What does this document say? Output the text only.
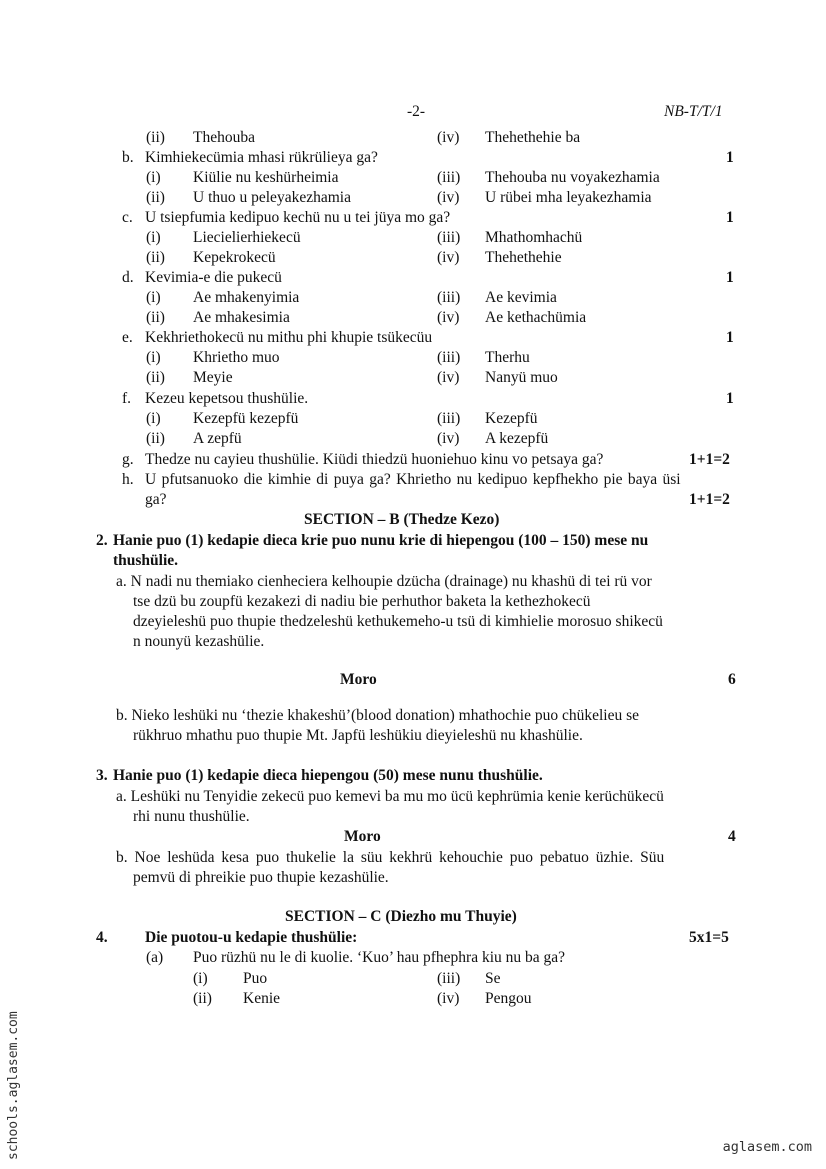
-2-	NB-T/T/1
(ii) Thehouba	(iv) Thehethehie ba
b. Kimhiekecümia mhasi rükrülieya ga?	1
(i) Kiülie nu keshürheimia	(iii) Thehouba nu voyakezhamia
(ii) U thuo u peleyakezhamia	(iv) U rübei mha leyakezhamia
c. U tsiepfumia kedipuo kechü nu u tei jüya mo ga?	1
(i) Liecielierhiekecü	(iii) Mhathomhachü
(ii) Kepekrokecü	(iv) Thehethehie
d. Kevimia-e die pukecü	1
(i) Ae mhakenyimia	(iii) Ae kevimia
(ii) Ae mhakesimia	(iv) Ae kethachümia
e. Kekhriethokecü nu mithu phi khupie tsükecüu	1
(i) Khrietho muo	(iii) Therhu
(ii) Meyie	(iv) Nanyü muo
f. Kezeu kepetsou thushülie.	1
(i) Kezepfü kezepfü	(iii) Kezepfü
(ii) A zepfü	(iv) A kezepfü
g. Thedze nu cayieu thushülie. Kiüdi thiedzü huoniehuo kinu vo petsaya ga?	1+1=2
h. U pfutsanuoko die kimhie di puya ga? Khrietho nu kedipuo kepfhekho pie baya üsi
ga?	1+1=2
SECTION – B (Thedze Kezo)
2. Hanie puo (1) kedapie dieca krie puo nunu krie di hiepengou (100 – 150) mese nu
thushülie.
a. N nadi nu themiako cienheciera kelhoupie dzücha (drainage) nu khashü di tei rü vor
tse dzü bu zoupfü kezakezi di nadiu bie perhuthor baketa la kethezhokecü
dzeyieleshü puo thupie thedzeleshü kethukemeho-u tsü di kimhielie morosuo shikecü
n nounyü kezashülie.
Moro	6
b. Nieko leshüki nu ‘thezie khakeshü’(blood donation) mhathochie puo chükelieu se
rükhruo mhathu puo thupie Mt. Japfü leshükiu dieyieleshü nu khashülie.
3. Hanie puo (1) kedapie dieca hiepengou (50) mese nunu thushülie.
a. Leshüki nu Tenyidie zekecü puo kemevi ba mu mo ücü kephrümia kenie kerüchükecü
rhi nunu thushülie.
Moro	4
b. Noe leshüda kesa puo thukelie la süu kekhrü kehouchie puo pebatuo üzhie. Süu
pemvü di phreikie puo thupie kezashülie.
SECTION – C (Diezho mu Thuyie)
4. Die puotou-u kedapie thushülie:	5x1=5
(a) Puo rüzhü nu le di kuolie. ‘Kuo’ hau pfhephra kiu nu ba ga?
(i) Puo	(iii) Se
(ii) Kenie	(iv) Pengou
schools.aglasem.com	aglasem.com
